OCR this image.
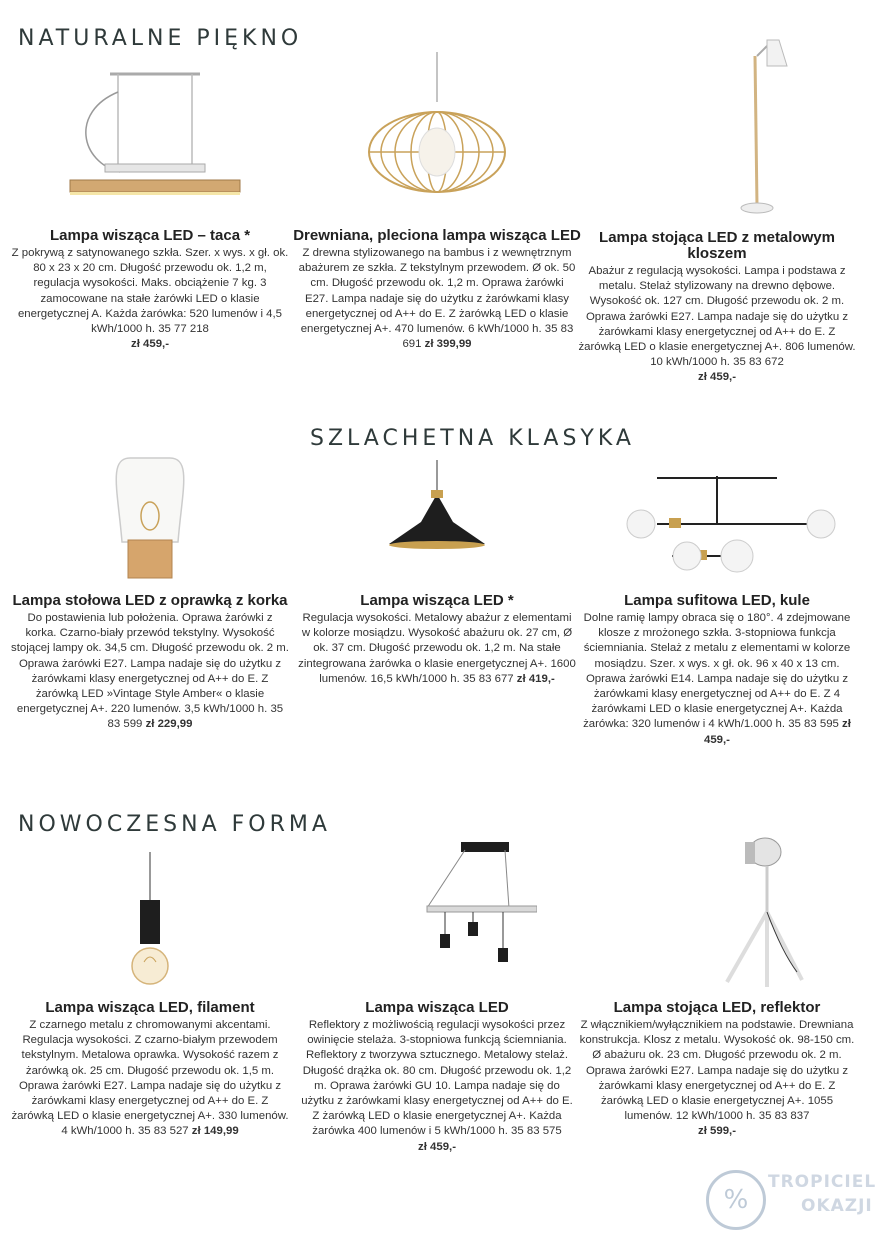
NATURALNE PIĘKNO
SZLACHETNA KLASYKA
NOWOCZESNA FORMA
Lampa wisząca LED – taca *

Z pokrywą z satynowanego szkła. Szer. x wys. x gł. ok. 80 x 23 x 20 cm. Długość przewodu ok. 1,2 m, regulacja wysokości. Maks. obciążenie 7 kg. 3 zamocowane na stałe żarówki LED o klasie energetycznej A. Każda żarówka: 520 lumenów i 4,5 kWh/1000 h. 35 77 218
zł 459,-

Drewniana, pleciona lampa wisząca LED

Z drewna stylizowanego na bambus i z wewnętrznym abażurem ze szkła. Z tekstylnym przewodem. Ø ok. 50 cm. Długość przewodu ok. 1,2 m. Oprawa żarówki E27. Lampa nadaje się do użytku z żarówkami klasy energetycznej od A++ do E. Z żarówką LED o klasie energetycznej A+. 470 lumenów. 6 kWh/1000 h. 35 83 691 zł 399,99

Lampa stojąca LED z metalowym kloszem

Abażur z regulacją wysokości. Lampa i podstawa z metalu. Stelaż stylizowany na drewno dębowe. Wysokość ok. 127 cm. Długość przewodu ok. 2 m. Oprawa żarówki E27. Lampa nadaje się do użytku z żarówkami klasy energetycznej od A++ do E. Z żarówką LED o klasie energetycznej A+. 806 lumenów. 10 kWh/1000 h. 35 83 672
zł 459,-

Lampa stołowa LED z oprawką z korka

Do postawienia lub położenia. Oprawa żarówki z korka. Czarno-biały przewód tekstylny. Wysokość stojącej lampy ok. 34,5 cm. Długość przewodu ok. 2 m. Oprawa żarówki E27. Lampa nadaje się do użytku z żarówkami klasy energetycznej od A++ do E. Z żarówką LED »Vintage Style Amber« o klasie energetycznej A+. 220 lumenów. 3,5 kWh/1000 h. 35 83 599 zł 229,99

Lampa wisząca LED *

Regulacja wysokości. Metalowy abażur z elementami w kolorze mosiądzu. Wysokość abażuru ok. 27 cm, Ø ok. 37 cm. Długość przewodu ok. 1,2 m. Na stałe zintegrowana żarówka o klasie energetycznej A+. 1600 lumenów. 16,5 kWh/1000 h. 35 83 677 zł 419,-

Lampa sufitowa LED, kule

Dolne ramię lampy obraca się o 180°. 4 zdejmowane klosze z mrożonego szkła. 3-stopniowa funkcja ściemniania. Stelaż z metalu z elementami w kolorze mosiądzu. Szer. x wys. x gł. ok. 96 x 40 x 13 cm. Oprawa żarówki E14. Lampa nadaje się do użytku z żarówkami klasy energetycznej od A++ do E. Z 4 żarówkami LED o klasie energetycznej A+. Każda żarówka: 320 lumenów i 4 kWh/1.000 h. 35 83 595 zł 459,-

Lampa wisząca LED, filament

Z czarnego metalu z chromowanymi akcentami. Regulacja wysokości. Z czarno-białym przewodem tekstylnym. Metalowa oprawka. Wysokość razem z żarówką ok. 25 cm. Długość przewodu ok. 1,5 m. Oprawa żarówki E27. Lampa nadaje się do użytku z żarówkami klasy energetycznej od A++ do E. Z żarówką LED o klasie energetycznej A+. 330 lumenów. 4 kWh/1000 h. 35 83 527 zł 149,99

Lampa wisząca LED

Reflektory z możliwością regulacji wysokości przez owinięcie stelaża. 3-stopniowa funkcją ściemniania. Reflektory z tworzywa sztucznego. Metalowy stelaż. Długość drążka ok. 80 cm. Długość przewodu ok. 1,2 m. Oprawa żarówki GU 10. Lampa nadaje się do użytku z żarówkami klasy energetycznej od A++ do E. Z żarówką LED o klasie energetycznej A+. Każda żarówka 400 lumenów i 5 kWh/1000 h. 35 83 575
zł 459,-

Lampa stojąca LED, reflektor

Z włącznikiem/wyłącznikiem na podstawie. Drewniana konstrukcja. Klosz z metalu. Wysokość ok. 98-150 cm. Ø abażuru ok. 23 cm. Długość przewodu ok. 2 m. Oprawa żarówki E27. Lampa nadaje się do użytku z żarówkami klasy energetycznej od A++ do E. Z żarówką LED o klasie energetycznej A+. 1055 lumenów. 12 kWh/1000 h. 35 83 837
zł 599,-

%
TROPICIEL
OKAZJI
